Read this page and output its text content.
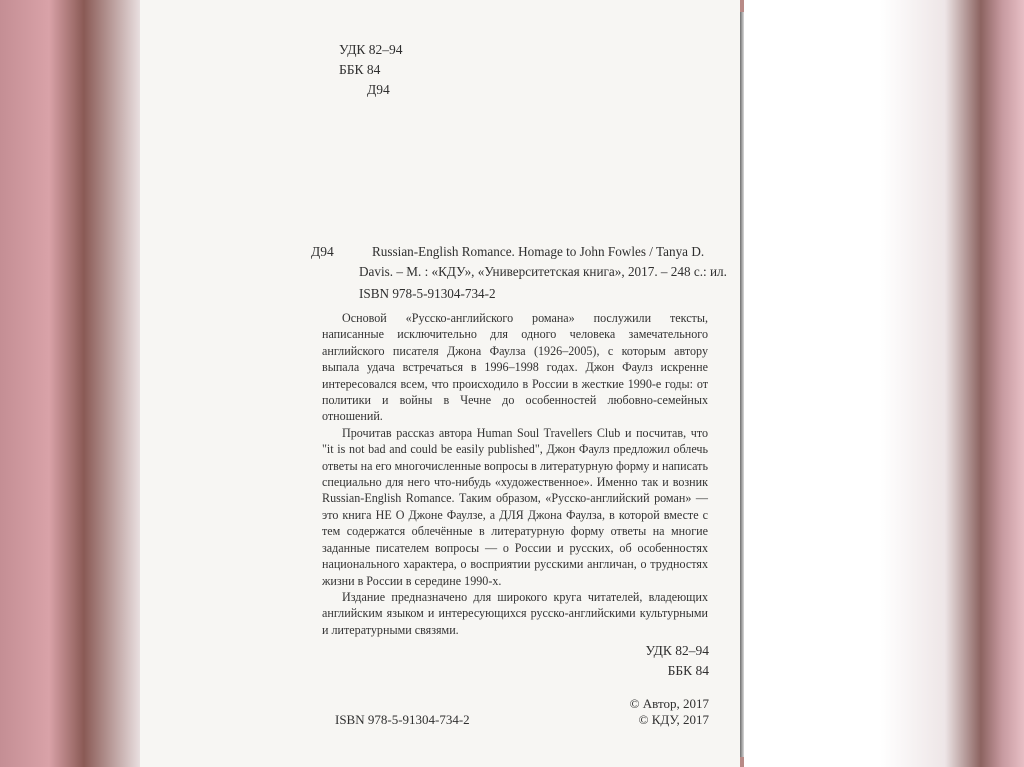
УДК 82–94

ББК 84

Д94

Д94	Russian-English Romance. Homage to John Fowles / Tanya D.

Davis. – М. : «КДУ», «Университетская книга», 2017. – 248 с.: ил.

ISBN 978-5-91304-734-2

Основой «Русско-английского романа» послужили тексты, написанные исключительно для одного человека замечательного английского писателя Джона Фаулза (1926–2005), с которым автору выпала удача встречаться в 1996–1998 годах. Джон Фаулз искренне интересовался всем, что происходило в России в жесткие 1990-е годы: от политики и войны в Чечне до особенностей любовно-семейных отношений.

Прочитав рассказ автора Human Soul Travellers Club и посчитав, что "it is not bad and could be easily published", Джон Фаулз предложил облечь ответы на его многочисленные вопросы в литературную форму и написать специально для него что-нибудь «художественное». Именно так и возник Russian-English Romance. Таким образом, «Русско-английский роман» — это книга НЕ О Джоне Фаулзе, а ДЛЯ Джона Фаулза, в которой вместе с тем содержатся облечённые в литературную форму ответы на многие заданные писателем вопросы — о России и русских, об особенностях национального характера, о восприятии русскими англичан, о трудностях жизни в России в середине 1990-х.

Издание предназначено для широкого круга читателей, владеющих английским языком и интересующихся русско-английскими культурными и литературными связями.

УДК 82–94

ББК 84

ISBN 978-5-91304-734-2

© Автор, 2017

© КДУ, 2017
